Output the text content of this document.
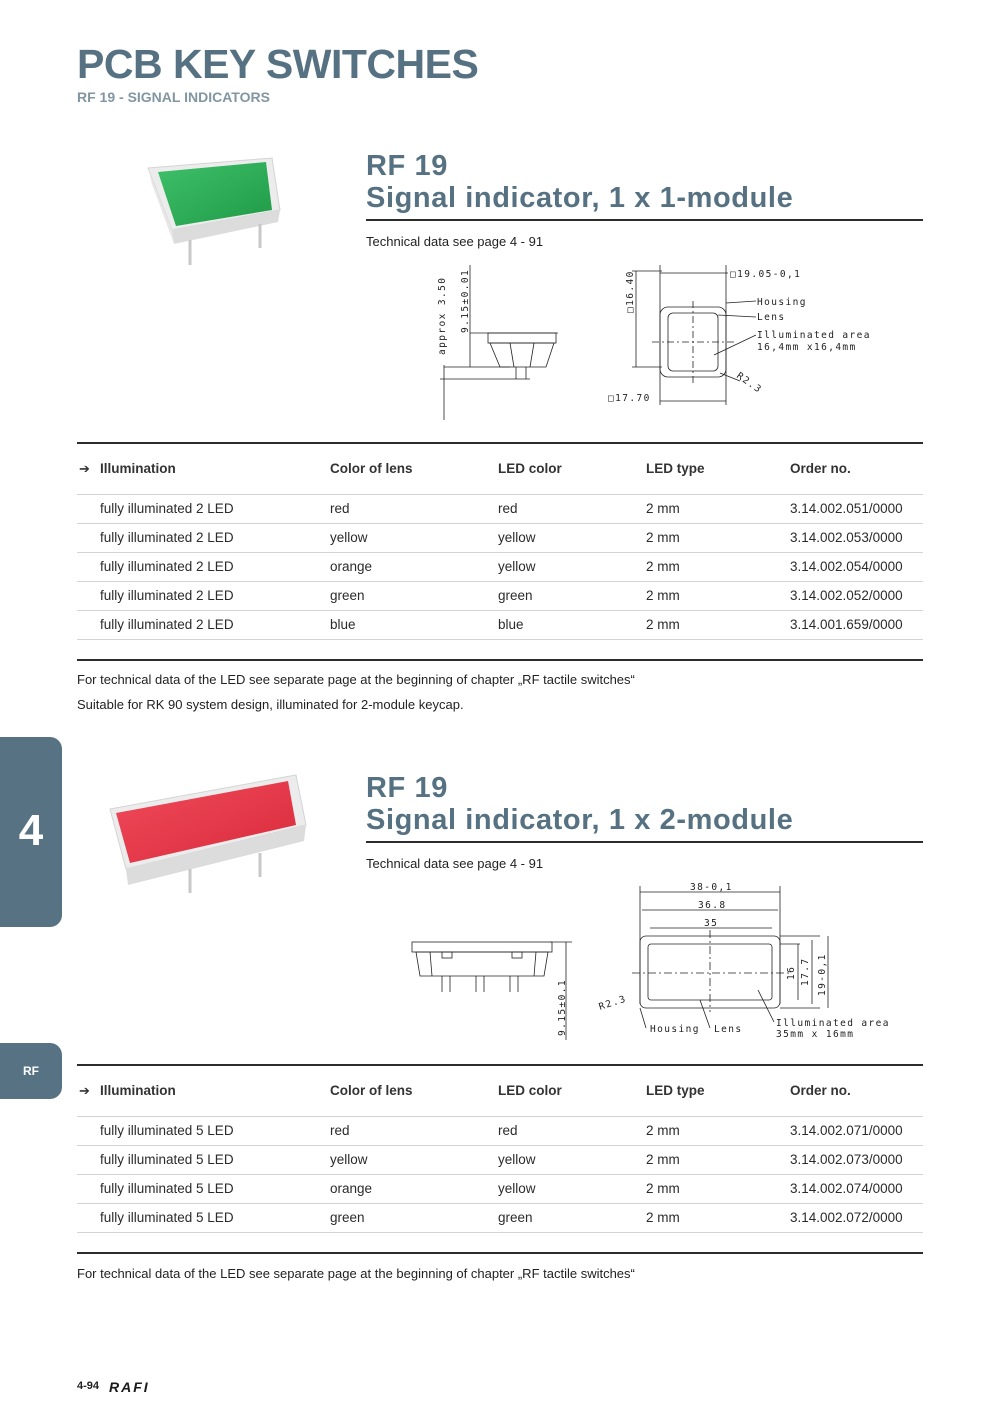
PCB KEY SWITCHES
RF 19 - SIGNAL INDICATORS
RF 19
Signal indicator, 1 x 1-module
Technical data see page 4 - 91
approx 3.50 9.15±0.01	□16.40	□19.05-0,1
Housing
Lens
Illuminated area
16,4mm x16,4mm
R2.3
□17.70
➔ Illumination	Color of lens	LED color	LED type	Order no.
fully illuminated 2 LED	red	red	2 mm	3.14.002.051/0000
fully illuminated 2 LED	yellow	yellow	2 mm	3.14.002.053/0000
fully illuminated 2 LED	orange	yellow	2 mm	3.14.002.054/0000
fully illuminated 2 LED	green	green	2 mm	3.14.002.052/0000
fully illuminated 2 LED	blue	blue	2 mm	3.14.001.659/0000
For technical data of the LED see separate page at the beginning of chapter „RF tactile switches“
Suitable for RK 90 system design, illuminated for 2-module keycap.
4
RF
RF 19
Signal indicator, 1 x 2-module
Technical data see page 4 - 91
38-0,1
36.8
35
16 17.7 19-0,1
9.15±0.1	R2.3
Housing Lens
Illuminated area
35mm x 16mm
➔ Illumination	Color of lens	LED color	LED type	Order no.
fully illuminated 5 LED	red	red	2 mm	3.14.002.071/0000
fully illuminated 5 LED	yellow	yellow	2 mm	3.14.002.073/0000
fully illuminated 5 LED	orange	yellow	2 mm	3.14.002.074/0000
fully illuminated 5 LED	green	green	2 mm	3.14.002.072/0000
For technical data of the LED see separate page at the beginning of chapter „RF tactile switches“
4-94 RAFI
